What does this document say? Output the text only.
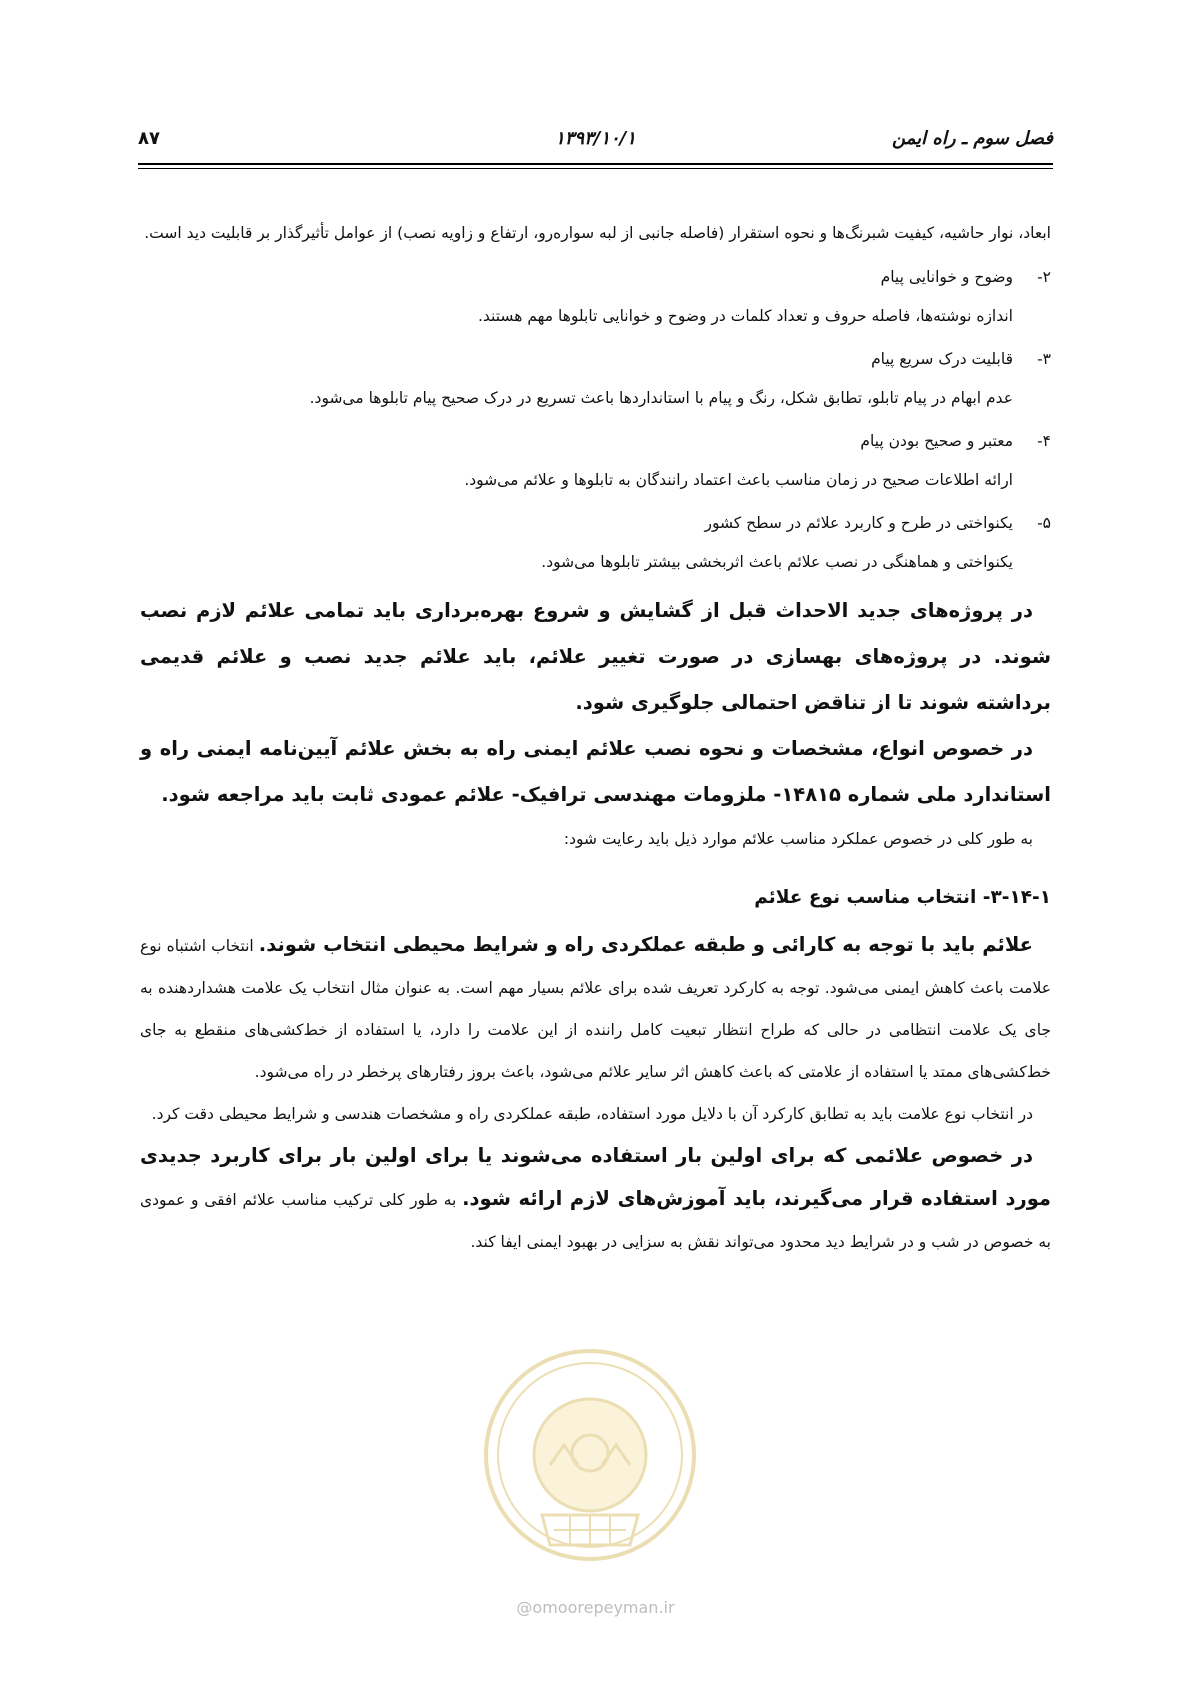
فصل سوم ـ راه ایمن
۱۳۹۳/۱۰/۱
۸۷

ابعاد، نوار حاشیه، کیفیت شبرنگ‌ها و نحوه استقرار (فاصله جانبی از لبه سواره‌رو، ارتفاع و زاویه نصب) از عوامل تأثیرگذار بر قابلیت دید است.

۲-وضوح و خوانایی پیام

اندازه نوشته‌ها، فاصله حروف و تعداد کلمات در وضوح و خوانایی تابلوها مهم هستند.

۳-قابلیت درک سریع پیام

عدم ابهام در پیام تابلو، تطابق شکل، رنگ و پیام با استانداردها باعث تسریع در درک صحیح پیام تابلوها می‌شود.

۴-معتبر و صحیح بودن پیام

ارائه اطلاعات صحیح در زمان مناسب باعث اعتماد رانندگان به تابلوها و علائم می‌شود.

۵-یکنواختی در طرح و کاربرد علائم در سطح کشور

یکنواختی و هماهنگی در نصب علائم باعث اثربخشی بیشتر تابلوها می‌شود.

در پروژه‌های جدید الاحداث قبل از گشایش و شروع بهره‌برداری باید تمامی علائم لازم نصب شوند. در پروژه‌های بهسازی در صورت تغییر علائم، باید علائم جدید نصب و علائم قدیمی برداشته شوند تا از تناقض احتمالی جلوگیری شود.

در خصوص انواع، مشخصات و نحوه نصب علائم ایمنی راه به بخش علائم آیین‌نامه ایمنی راه و استاندارد ملی شماره ۱۴۸۱۵- ملزومات مهندسی ترافیک- علائم عمودی ثابت باید مراجعه شود.

به طور کلی در خصوص عملکرد مناسب علائم موارد ذیل باید رعایت شود:

۳-۱۴-۱- انتخاب مناسب نوع علائم

علائم باید با توجه به کارائی و طبقه عملکردی راه و شرایط محیطی انتخاب شوند. انتخاب اشتباه نوع علامت باعث کاهش ایمنی می‌شود. توجه به کارکرد تعریف شده برای علائم بسیار مهم است. به عنوان مثال انتخاب یک علامت هشداردهنده به جای یک علامت انتظامی در حالی که طراح انتظار تبعیت کامل راننده از این علامت را دارد، یا استفاده از خط‌کشی‌های منقطع به جای خط‌کشی‌های ممتد یا استفاده از علامتی که باعث کاهش اثر سایر علائم می‌شود، باعث بروز رفتارهای پرخطر در راه می‌شود.

در انتخاب نوع علامت باید به تطابق کارکرد آن با دلایل مورد استفاده، طبقه عملکردی راه و مشخصات هندسی و شرایط محیطی دقت کرد.

در خصوص علائمی که برای اولین بار استفاده می‌شوند یا برای اولین بار برای کاربرد جدیدی مورد استفاده قرار می‌گیرند، باید آموزش‌های لازم ارائه شود. به طور کلی ترکیب مناسب علائم افقی و عمودی به خصوص در شب و در شرایط دید محدود می‌تواند نقش به سزایی در بهبود ایمنی ایفا کند.

@omoorepeyman.ir
